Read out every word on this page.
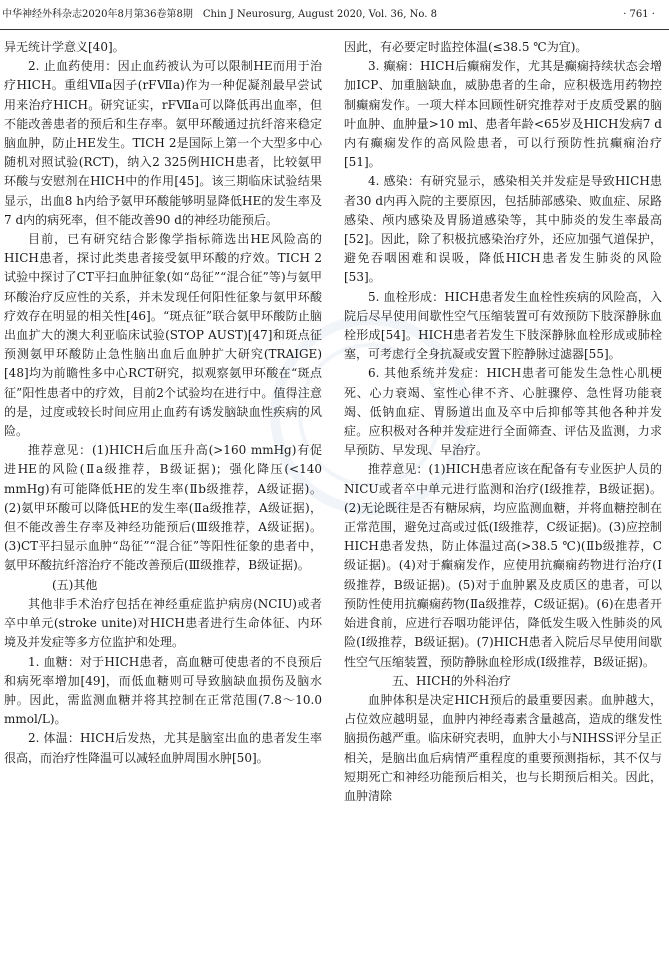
中华神经外科杂志2020年8月第36卷第8期　Chin J Neurosurg, August 2020, Vol. 36, No. 8	· 761 ·

异无统计学意义[40]。

2. 止血药使用：因止血药被认为可以限制HE而用于治疗HICH。重组Ⅶa因子(rFⅦa)作为一种促凝剂最早尝试用来治疗HICH。研究证实，rFⅦa可以降低再出血率，但不能改善患者的预后和生存率。氨甲环酸通过抗纤溶来稳定脑血肿，防止HE发生。TICH 2是国际上第一个大型多中心随机对照试验(RCT)，纳入2 325例HICH患者，比较氨甲环酸与安慰剂在HICH中的作用[45]。该三期临床试验结果显示，出血8 h内给予氨甲环酸能够明显降低HE的发生率及7 d内的病死率，但不能改善90 d的神经功能预后。

目前，已有研究结合影像学指标筛选出HE风险高的HICH患者，探讨此类患者接受氨甲环酸的疗效。TICH 2试验中探讨了CT平扫血肿征象(如“岛征”“混合征”等)与氨甲环酸治疗反应性的关系，并未发现任何阳性征象与氨甲环酸疗效存在明显的相关性[46]。“斑点征”联合氨甲环酸防止脑出血扩大的澳大利亚临床试验(STOP AUST)[47]和斑点征预测氨甲环酸防止急性脑出血后血肿扩大研究(TRAIGE)[48]均为前瞻性多中心RCT研究，拟观察氨甲环酸在“斑点征”阳性患者中的疗效，目前2个试验均在进行中。值得注意的是，过度或较长时间应用止血药有诱发脑缺血性疾病的风险。

推荐意见：(1)HICH后血压升高(>160 mmHg)有促进HE的风险(Ⅱa级推荐，B级证据)；强化降压(<140 mmHg)有可能降低HE的发生率(Ⅱb级推荐，A级证据)。(2)氨甲环酸可以降低HE的发生率(Ⅱa级推荐，A级证据)，但不能改善生存率及神经功能预后(Ⅲ级推荐，A级证据)。(3)CT平扫显示血肿“岛征”“混合征”等阳性征象的患者中，氨甲环酸抗纤溶治疗不能改善预后(Ⅲ级推荐，B级证据)。

(五)其他

其他非手术治疗包括在神经重症监护病房(NCIU)或者卒中单元(stroke unite)对HICH患者进行生命体征、内环境及并发症等多方位监护和处理。

1. 血糖：对于HICH患者，高血糖可使患者的不良预后和病死率增加[49]，而低血糖则可导致脑缺血损伤及脑水肿。因此，需监测血糖并将其控制在正常范围(7.8～10.0 mmol/L)。

2. 体温：HICH后发热，尤其是脑室出血的患者发生率很高，而治疗性降温可以减轻血肿周围水肿[50]。

因此，有必要定时监控体温(≤38.5 ℃为宜)。

3. 癫痫：HICH后癫痫发作，尤其是癫痫持续状态会增加ICP、加重脑缺血，威胁患者的生命，应积极选用药物控制癫痫发作。一项大样本回顾性研究推荐对于皮质受累的脑叶血肿、血肿量>10 ml、患者年龄<65岁及HICH发病7 d内有癫痫发作的高风险患者，可以行预防性抗癫痫治疗[51]。

4. 感染：有研究显示，感染相关并发症是导致HICH患者30 d内再入院的主要原因，包括肺部感染、败血症、尿路感染、颅内感染及胃肠道感染等，其中肺炎的发生率最高[52]。因此，除了积极抗感染治疗外，还应加强气道保护，避免吞咽困难和误吸，降低HICH患者发生肺炎的风险[53]。

5. 血栓形成：HICH患者发生血栓性疾病的风险高，入院后尽早使用间歇性空气压缩装置可有效预防下肢深静脉血栓形成[54]。HICH患者若发生下肢深静脉血栓形成或肺栓塞，可考虑行全身抗凝或安置下腔静脉过滤器[55]。

6. 其他系统并发症：HICH患者可能发生急性心肌梗死、心力衰竭、室性心律不齐、心脏骤停、急性肾功能衰竭、低钠血症、胃肠道出血及卒中后抑郁等其他各种并发症。应积极对各种并发症进行全面筛查、评估及监测，力求早预防、早发现、早治疗。

推荐意见：(1)HICH患者应该在配备有专业医护人员的NICU或者卒中单元进行监测和治疗(Ⅰ级推荐，B级证据)。(2)无论既往是否有糖尿病，均应监测血糖，并将血糖控制在正常范围，避免过高或过低(Ⅰ级推荐，C级证据)。(3)应控制HICH患者发热，防止体温过高(>38.5 ℃)(Ⅱb级推荐，C级证据)。(4)对于癫痫发作，应使用抗癫痫药物进行治疗(Ⅰ级推荐，B级证据)。(5)对于血肿累及皮质区的患者，可以预防性使用抗癫痫药物(Ⅱa级推荐，C级证据)。(6)在患者开始进食前，应进行吞咽功能评估，降低发生吸入性肺炎的风险(Ⅰ级推荐，B级证据)。(7)HICH患者入院后尽早使用间歇性空气压缩装置，预防静脉血栓形成(Ⅰ级推荐，B级证据)。

五、HICH的外科治疗

血肿体积是决定HICH预后的最重要因素。血肿越大，占位效应越明显，血肿内神经毒素含量越高，造成的继发性脑损伤越严重。临床研究表明，血肿大小与NIHSS评分呈正相关，是脑出血后病情严重程度的重要预测指标，其不仅与短期死亡和神经功能预后相关，也与长期预后相关。因此，血肿清除
